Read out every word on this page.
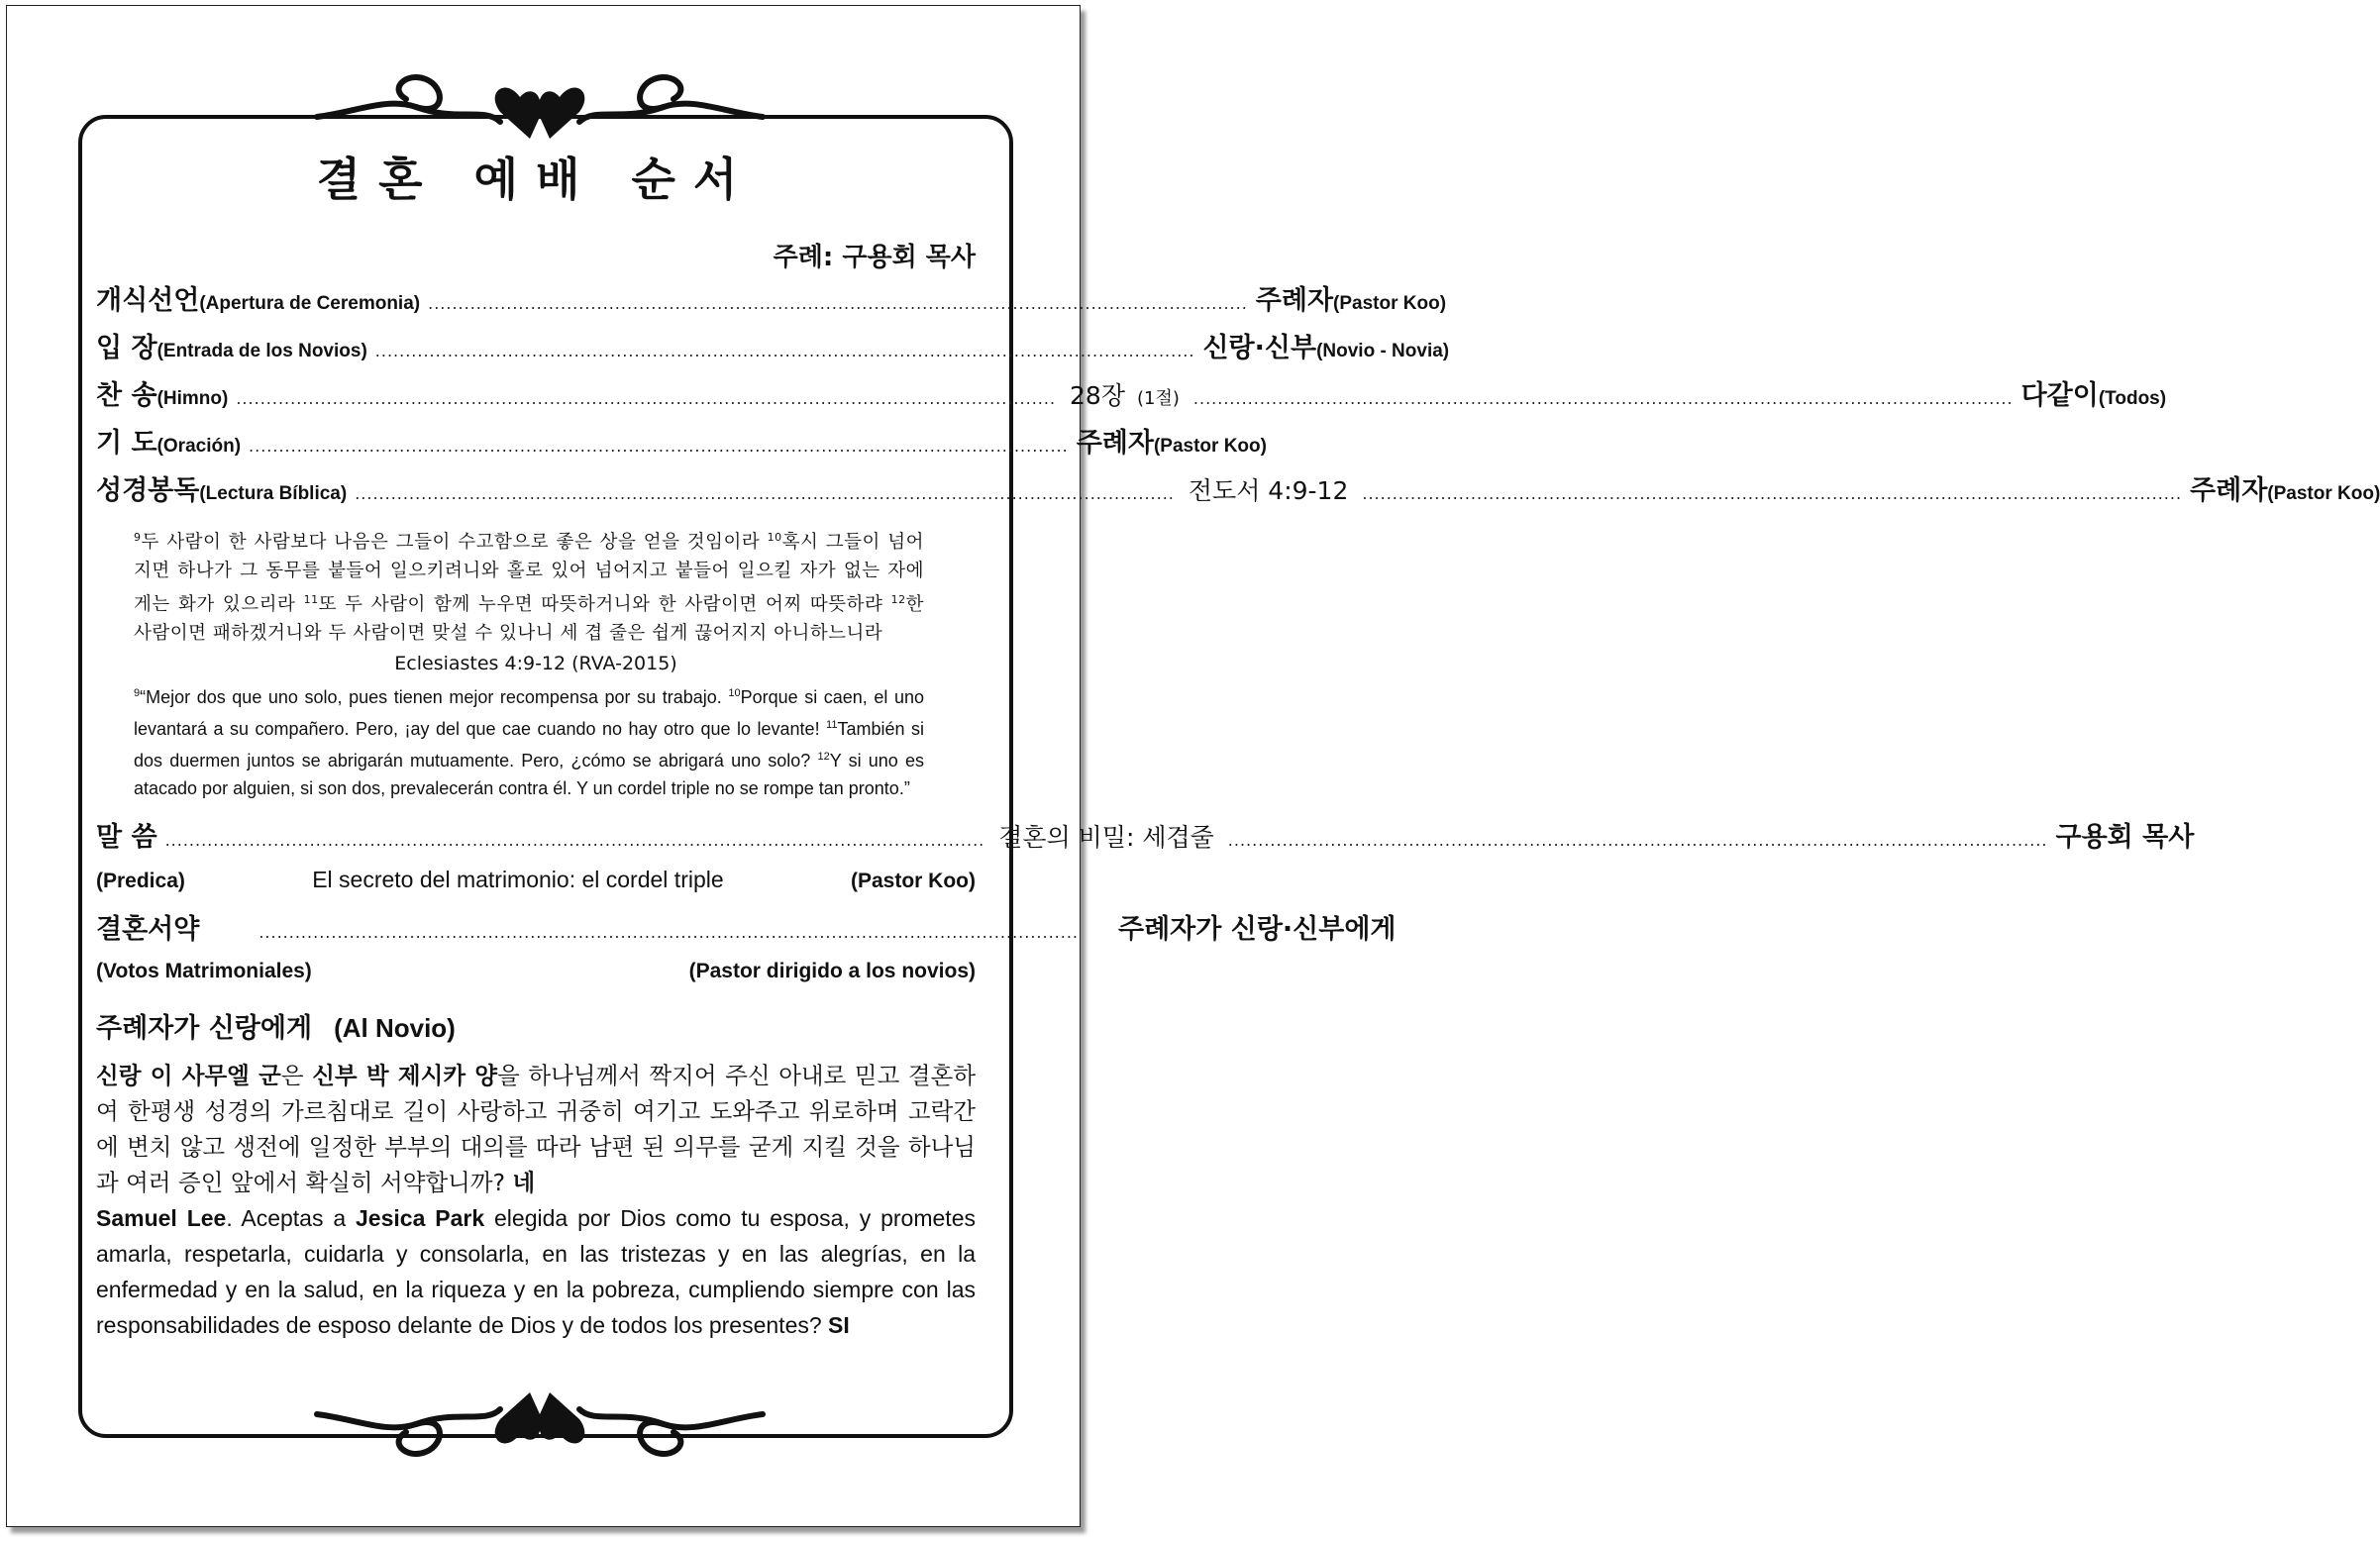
결혼 예배 순서
주례: 구용회 목사
개식선언 (Apertura de Ceremonia) ........................................................................................................................................ 주례자 (Pastor Koo)
입 장 (Entrada de los Novios) ........................................................................................................................................ 신랑·신부 (Novio - Novia)
찬 송 (Himno) ........................................................................................................................................ 28장 (1절) ........................................................................................................................................ 다같이 (Todos)
기 도 (Oración) ........................................................................................................................................ 주례자 (Pastor Koo)
성경봉독 (Lectura Bíblica) ........................................................................................................................................ 전도서 4:9-12 ........................................................................................................................................ 주례자 (Pastor Koo)
$^9$두 사람이 한 사람보다 나음은 그들이 수고함으로 좋은 상을 얻을 것임이라 $^{10}$혹시 그들이 넘어지면 하나가 그 동무를 붙들어 일으키려니와 홀로 있어 넘어지고 붙들어 일으킬 자가 없는 자에게는 화가 있으리라 $^{11}$또 두 사람이 함께 누우면 따뜻하거니와 한 사람이면 어찌 따뜻하랴 $^{12}$한 사람이면 패하겠거니와 두 사람이면 맞설 수 있나니 세 겹 줄은 쉽게 끊어지지 아니하느니라
Eclesiastes 4:9-12 (RVA-2015)
$^9$“Mejor dos que uno solo, pues tienen mejor recompensa por su trabajo. $^{10}$Porque si caen, el uno levantará a su compañero. Pero, ¡ay del que cae cuando no hay otro que lo levante! $^{11}$También si dos duermen juntos se abrigarán mutuamente. Pero, ¿cómo se abrigará uno solo? $^{12}$Y si uno es atacado por alguien, si son dos, prevalecerán contra él. Y un cordel triple no se rompe tan pronto.”
말 씀 ........................................................................................................................................ 결혼의 비밀: 세겹줄 ........................................................................................................................................ 구용회 목사
(Predica)	El secreto del matrimonio: el cordel triple	(Pastor Koo)
결혼서약	........................................................................................................................................ 주례자가 신랑·신부에게
(Votos Matrimoniales)	(Pastor dirigido a los novios)
주례자가 신랑에게 (Al Novio)
신랑 이 사무엘 군은 신부 박 제시카 양을 하나님께서 짝지어 주신 아내로 믿고 결혼하여 한평생 성경의 가르침대로 길이 사랑하고 귀중히 여기고 도와주고 위로하며 고락간에 변치 않고 생전에 일정한 부부의 대의를 따라 남편 된 의무를 굳게 지킬 것을 하나님과 여러 증인 앞에서 확실히 서약합니까? 네
Samuel Lee. Aceptas a Jesica Park elegida por Dios como tu esposa, y prometes amarla, respetarla, cuidarla y consolarla, en las tristezas y en las alegrías, en la enfermedad y en la salud, en la riqueza y en la pobreza, cumpliendo siempre con las responsabilidades de esposo delante de Dios y de todos los presentes? SI
